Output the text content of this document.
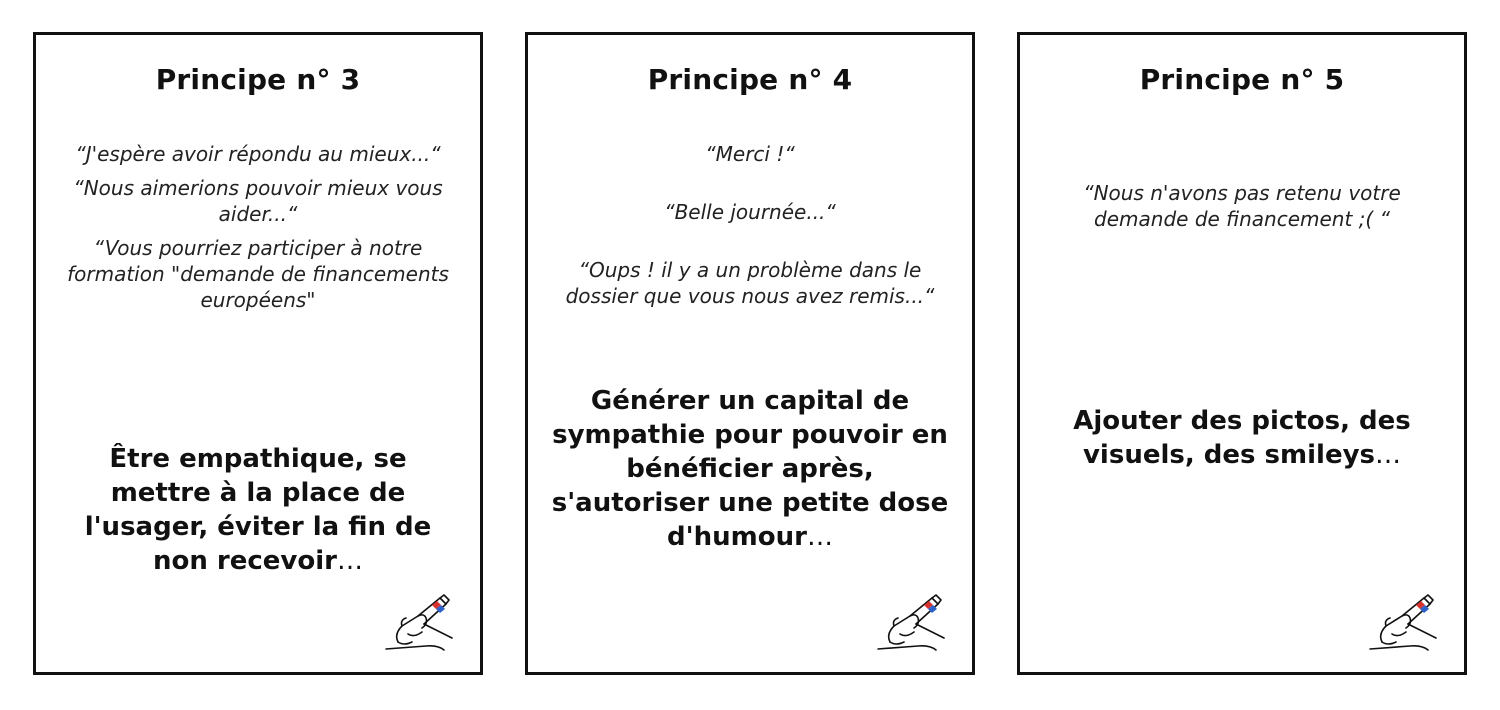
Principe n° 3
“J'espère avoir répondu au mieux...“
“Nous aimerions pouvoir mieux vous aider...“
“Vous pourriez participer à notre formation "demande de financements européens"
Être empathique, se mettre à la place de l'usager, éviter la fin de non recevoir…
Principe n° 4
“Merci !“
“Belle journée...“
“Oups ! il y a un problème dans le dossier que vous nous avez remis...“
Générer un capital de sympathie pour pouvoir en bénéficier après, s'autoriser une petite dose d'humour…
Principe n° 5
“Nous n'avons pas retenu votre demande de financement ;( “
Ajouter des pictos, des visuels, des smileys…
